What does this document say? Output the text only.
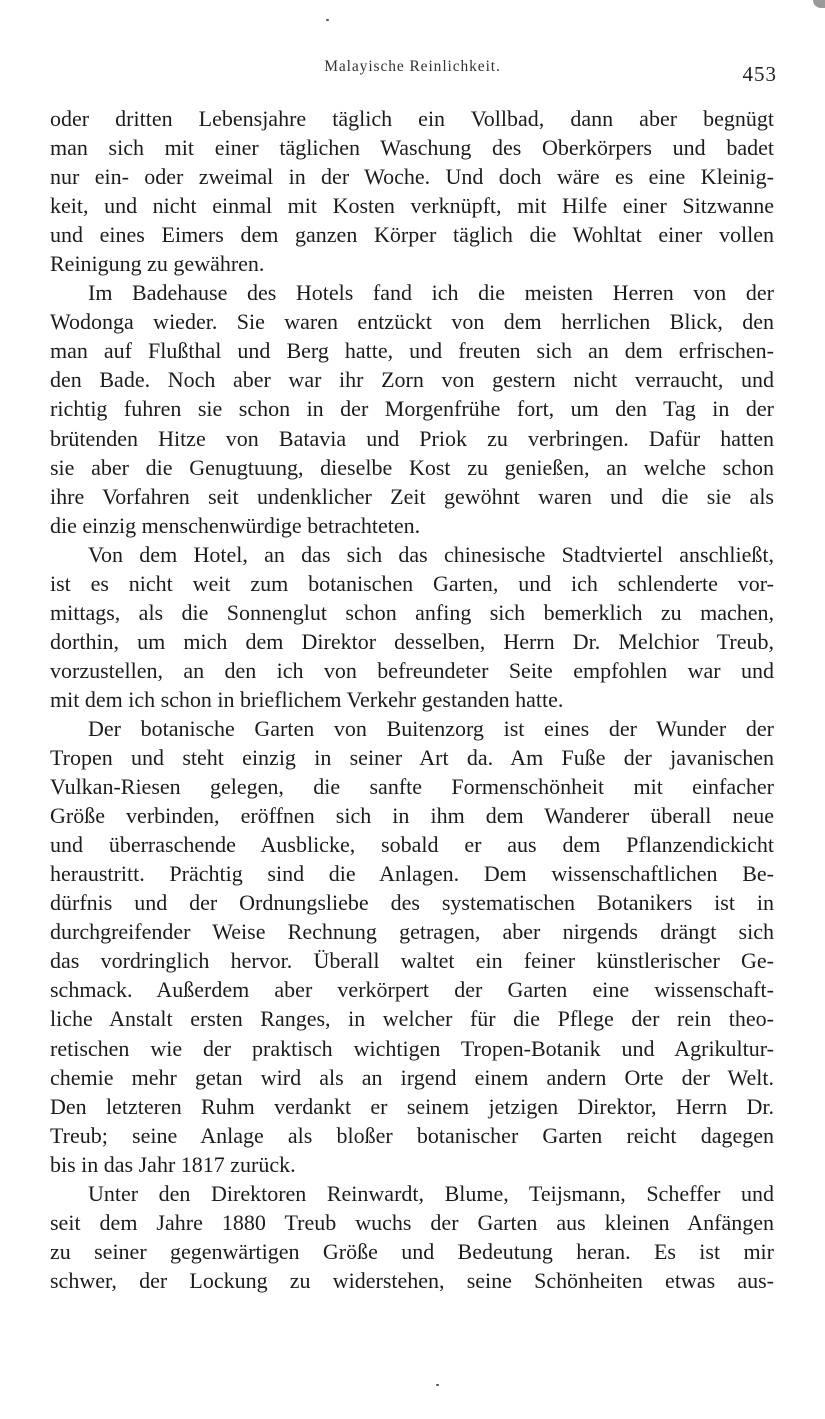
Malayische Reinlichkeit.	453
oder dritten Lebensjahre täglich ein Vollbad, dann aber begnügt
man sich mit einer täglichen Waschung des Oberkörpers und badet
nur ein- oder zweimal in der Woche. Und doch wäre es eine Kleinig-
keit, und nicht einmal mit Kosten verknüpft, mit Hilfe einer Sitzwanne
und eines Eimers dem ganzen Körper täglich die Wohltat einer vollen
Reinigung zu gewähren.
Im Badehause des Hotels fand ich die meisten Herren von der
Wodonga wieder. Sie waren entzückt von dem herrlichen Blick, den
man auf Flußthal und Berg hatte, und freuten sich an dem erfrischen-
den Bade. Noch aber war ihr Zorn von gestern nicht verraucht, und
richtig fuhren sie schon in der Morgenfrühe fort, um den Tag in der
brütenden Hitze von Batavia und Priok zu verbringen. Dafür hatten
sie aber die Genugtuung, dieselbe Kost zu genießen, an welche schon
ihre Vorfahren seit undenklicher Zeit gewöhnt waren und die sie als
die einzig menschenwürdige betrachteten.
Von dem Hotel, an das sich das chinesische Stadtviertel anschließt,
ist es nicht weit zum botanischen Garten, und ich schlenderte vor-
mittags, als die Sonnenglut schon anfing sich bemerklich zu machen,
dorthin, um mich dem Direktor desselben, Herrn Dr. Melchior Treub,
vorzustellen, an den ich von befreundeter Seite empfohlen war und
mit dem ich schon in brieflichem Verkehr gestanden hatte.
Der botanische Garten von Buitenzorg ist eines der Wunder der
Tropen und steht einzig in seiner Art da. Am Fuße der javanischen
Vulkan-Riesen gelegen, die sanfte Formenschönheit mit einfacher
Größe verbinden, eröffnen sich in ihm dem Wanderer überall neue
und überraschende Ausblicke, sobald er aus dem Pflanzendickicht
heraustritt. Prächtig sind die Anlagen. Dem wissenschaftlichen Be-
dürfnis und der Ordnungsliebe des systematischen Botanikers ist in
durchgreifender Weise Rechnung getragen, aber nirgends drängt sich
das vordringlich hervor. Überall waltet ein feiner künstlerischer Ge-
schmack. Außerdem aber verkörpert der Garten eine wissenschaft-
liche Anstalt ersten Ranges, in welcher für die Pflege der rein theo-
retischen wie der praktisch wichtigen Tropen-Botanik und Agrikultur-
chemie mehr getan wird als an irgend einem andern Orte der Welt.
Den letzteren Ruhm verdankt er seinem jetzigen Direktor, Herrn Dr.
Treub; seine Anlage als bloßer botanischer Garten reicht dagegen
bis in das Jahr 1817 zurück.
Unter den Direktoren Reinwardt, Blume, Teijsmann, Scheffer und
seit dem Jahre 1880 Treub wuchs der Garten aus kleinen Anfängen
zu seiner gegenwärtigen Größe und Bedeutung heran. Es ist mir
schwer, der Lockung zu widerstehen, seine Schönheiten etwas aus-
